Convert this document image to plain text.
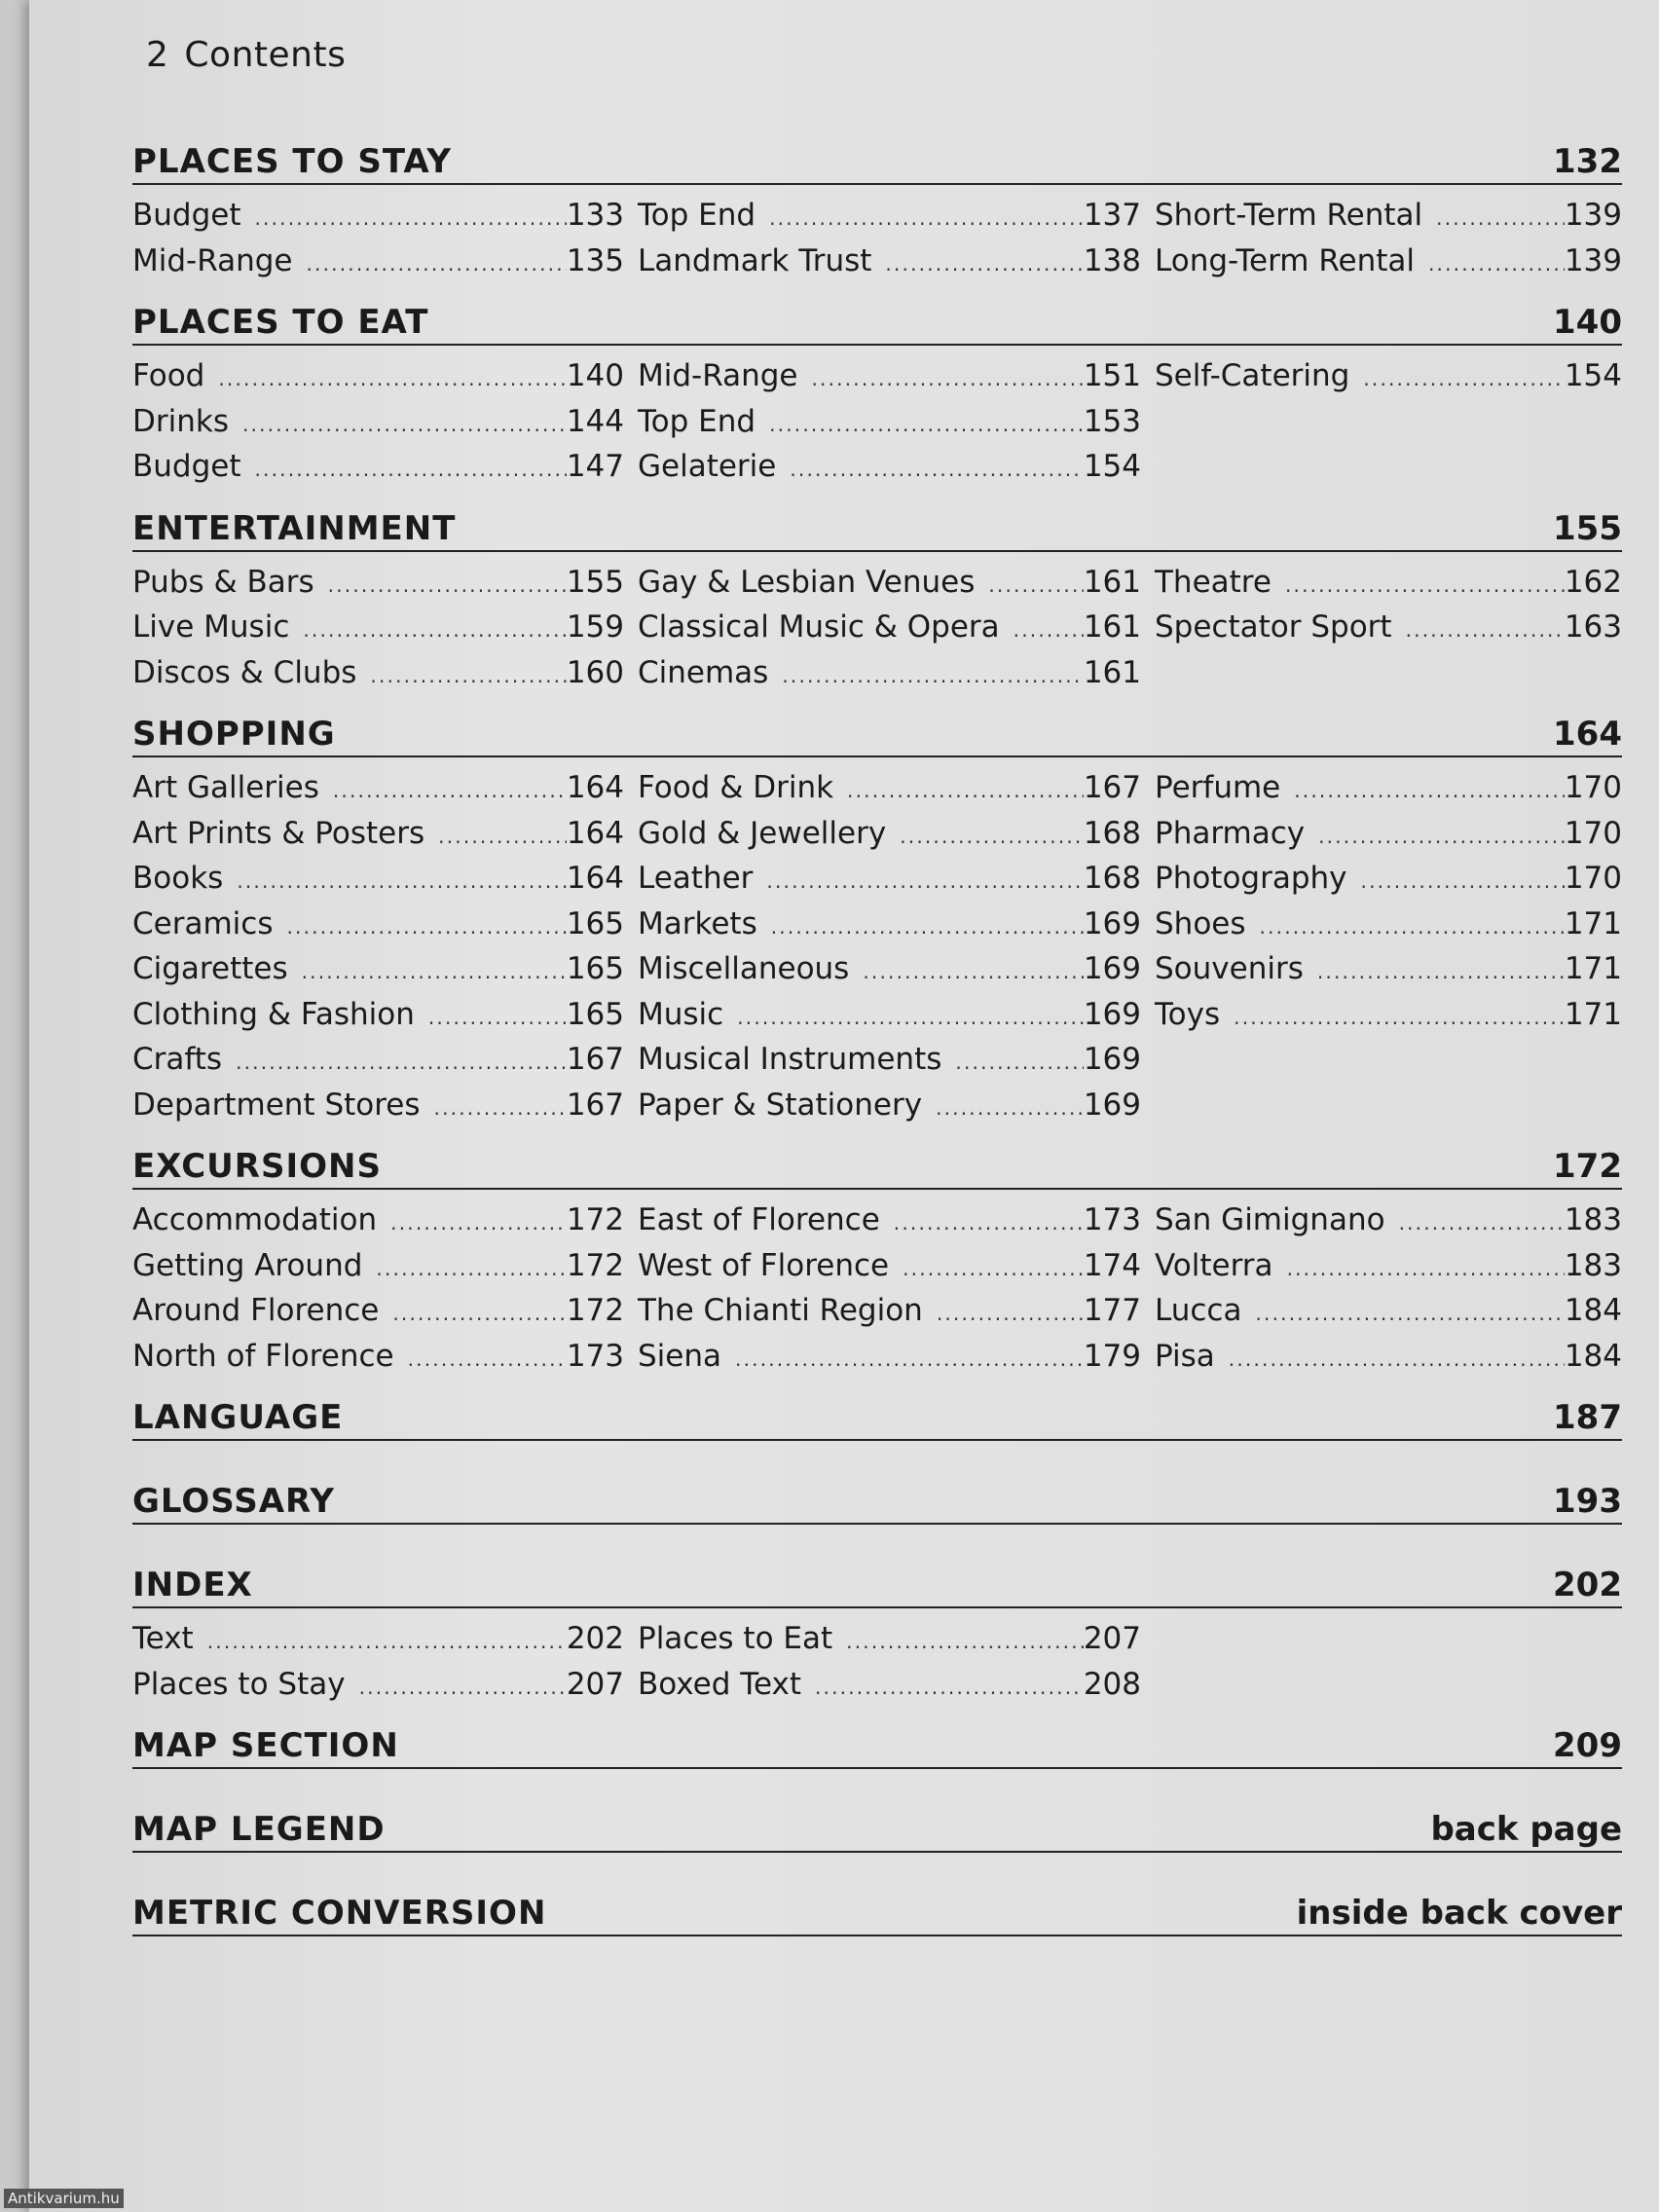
2 Contents
PLACES TO STAY	132
Budget .....	133
Mid-Range .....	135
Top End .....	137
Landmark Trust .....	138
Short-Term Rental .....	139
Long-Term Rental .....	139
PLACES TO EAT	140
Food .....	140
Drinks .....	144
Budget .....	147
Mid-Range .....	151
Top End .....	153
Gelaterie .....	154
Self-Catering .....	154
ENTERTAINMENT	155
Pubs & Bars .....	155
Live Music .....	159
Discos & Clubs .....	160
Gay & Lesbian Venues .....	161
Classical Music & Opera .....	161
Cinemas .....	161
Theatre .....	162
Spectator Sport .....	163
SHOPPING	164
Art Galleries .....	164
Art Prints & Posters .....	164
Books .....	164
Ceramics .....	165
Cigarettes .....	165
Clothing & Fashion .....	165
Crafts .....	167
Department Stores .....	167
Food & Drink .....	167
Gold & Jewellery .....	168
Leather .....	168
Markets .....	169
Miscellaneous .....	169
Music .....	169
Musical Instruments .....	169
Paper & Stationery .....	169
Perfume .....	170
Pharmacy .....	170
Photography .....	170
Shoes .....	171
Souvenirs .....	171
Toys .....	171
EXCURSIONS	172
Accommodation .....	172
Getting Around .....	172
Around Florence .....	172
North of Florence .....	173
East of Florence .....	173
West of Florence .....	174
The Chianti Region .....	177
Siena .....	179
San Gimignano .....	183
Volterra .....	183
Lucca .....	184
Pisa .....	184
LANGUAGE	187
GLOSSARY	193
INDEX	202
Text .....	202
Places to Stay .....	207
Places to Eat .....	207
Boxed Text .....	208
MAP SECTION	209
MAP LEGEND	back page
METRIC CONVERSION	inside back cover
Antikvarium.hu
